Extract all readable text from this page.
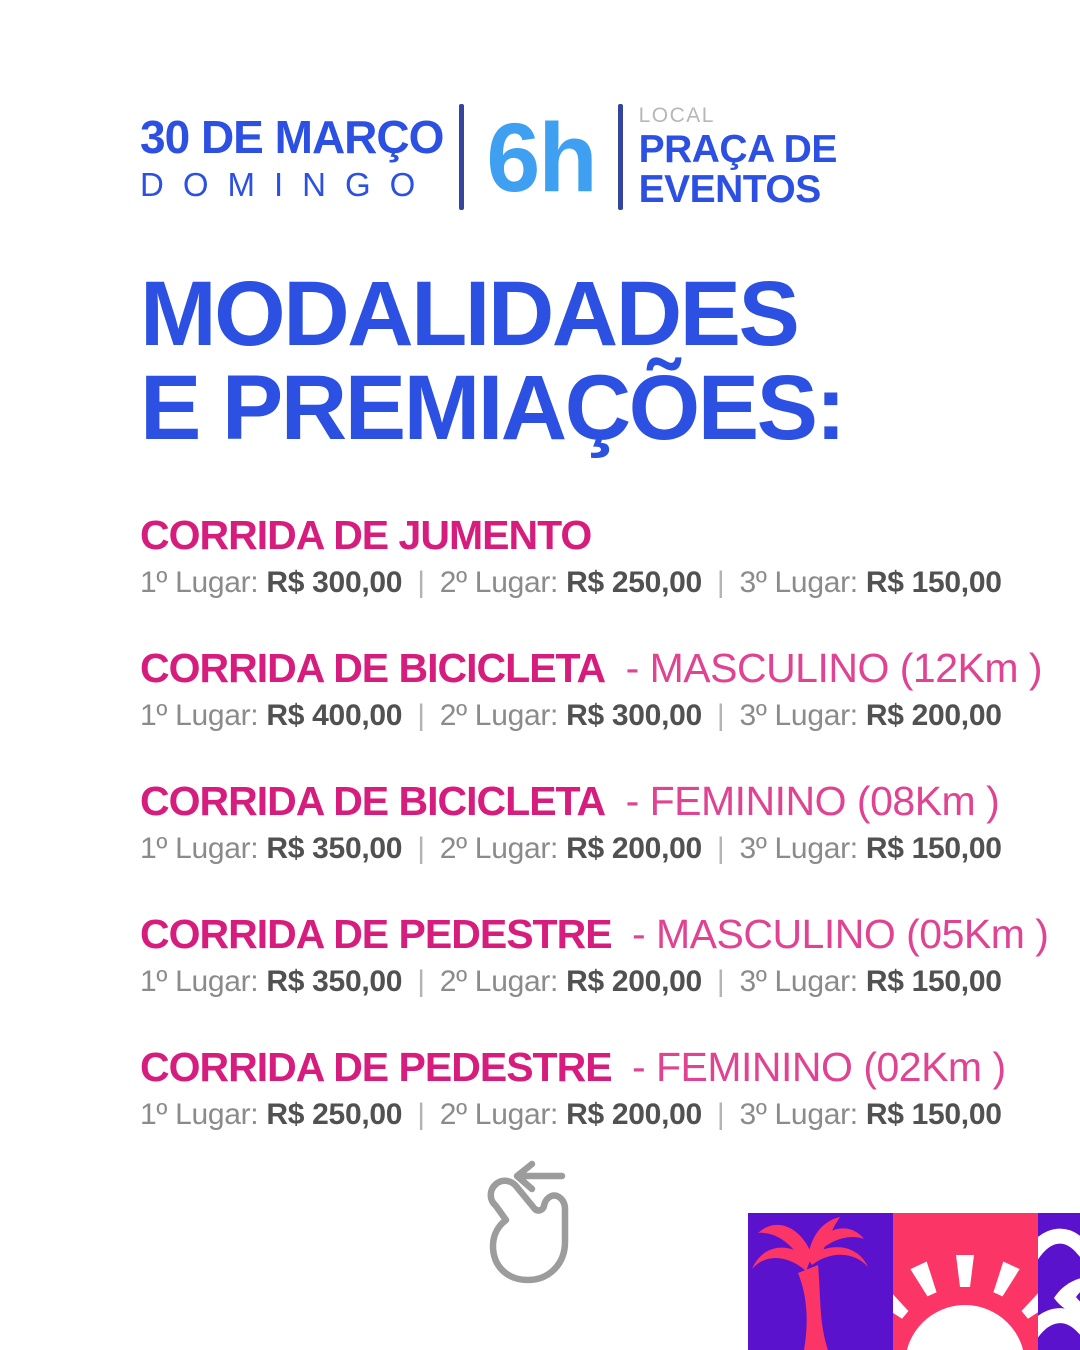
30 DE MARÇO
DOMINGO 6h LOCAL
PRAÇA DE
EVENTOS
MODALIDADES
E PREMIAÇÕES:
CORRIDA DE JUMENTO

1º Lugar: R$ 300,00 | 2º Lugar: R$ 250,00 | 3º Lugar: R$ 150,00

CORRIDA DE BICICLETA - MASCULINO (12Km )

1º Lugar: R$ 400,00 | 2º Lugar: R$ 300,00 | 3º Lugar: R$ 200,00

CORRIDA DE BICICLETA - FEMININO (08Km )

1º Lugar: R$ 350,00 | 2º Lugar: R$ 200,00 | 3º Lugar: R$ 150,00

CORRIDA DE PEDESTRE - MASCULINO (05Km )

1º Lugar: R$ 350,00 | 2º Lugar: R$ 200,00 | 3º Lugar: R$ 150,00

CORRIDA DE PEDESTRE - FEMININO (02Km )

1º Lugar: R$ 250,00 | 2º Lugar: R$ 200,00 | 3º Lugar: R$ 150,00
